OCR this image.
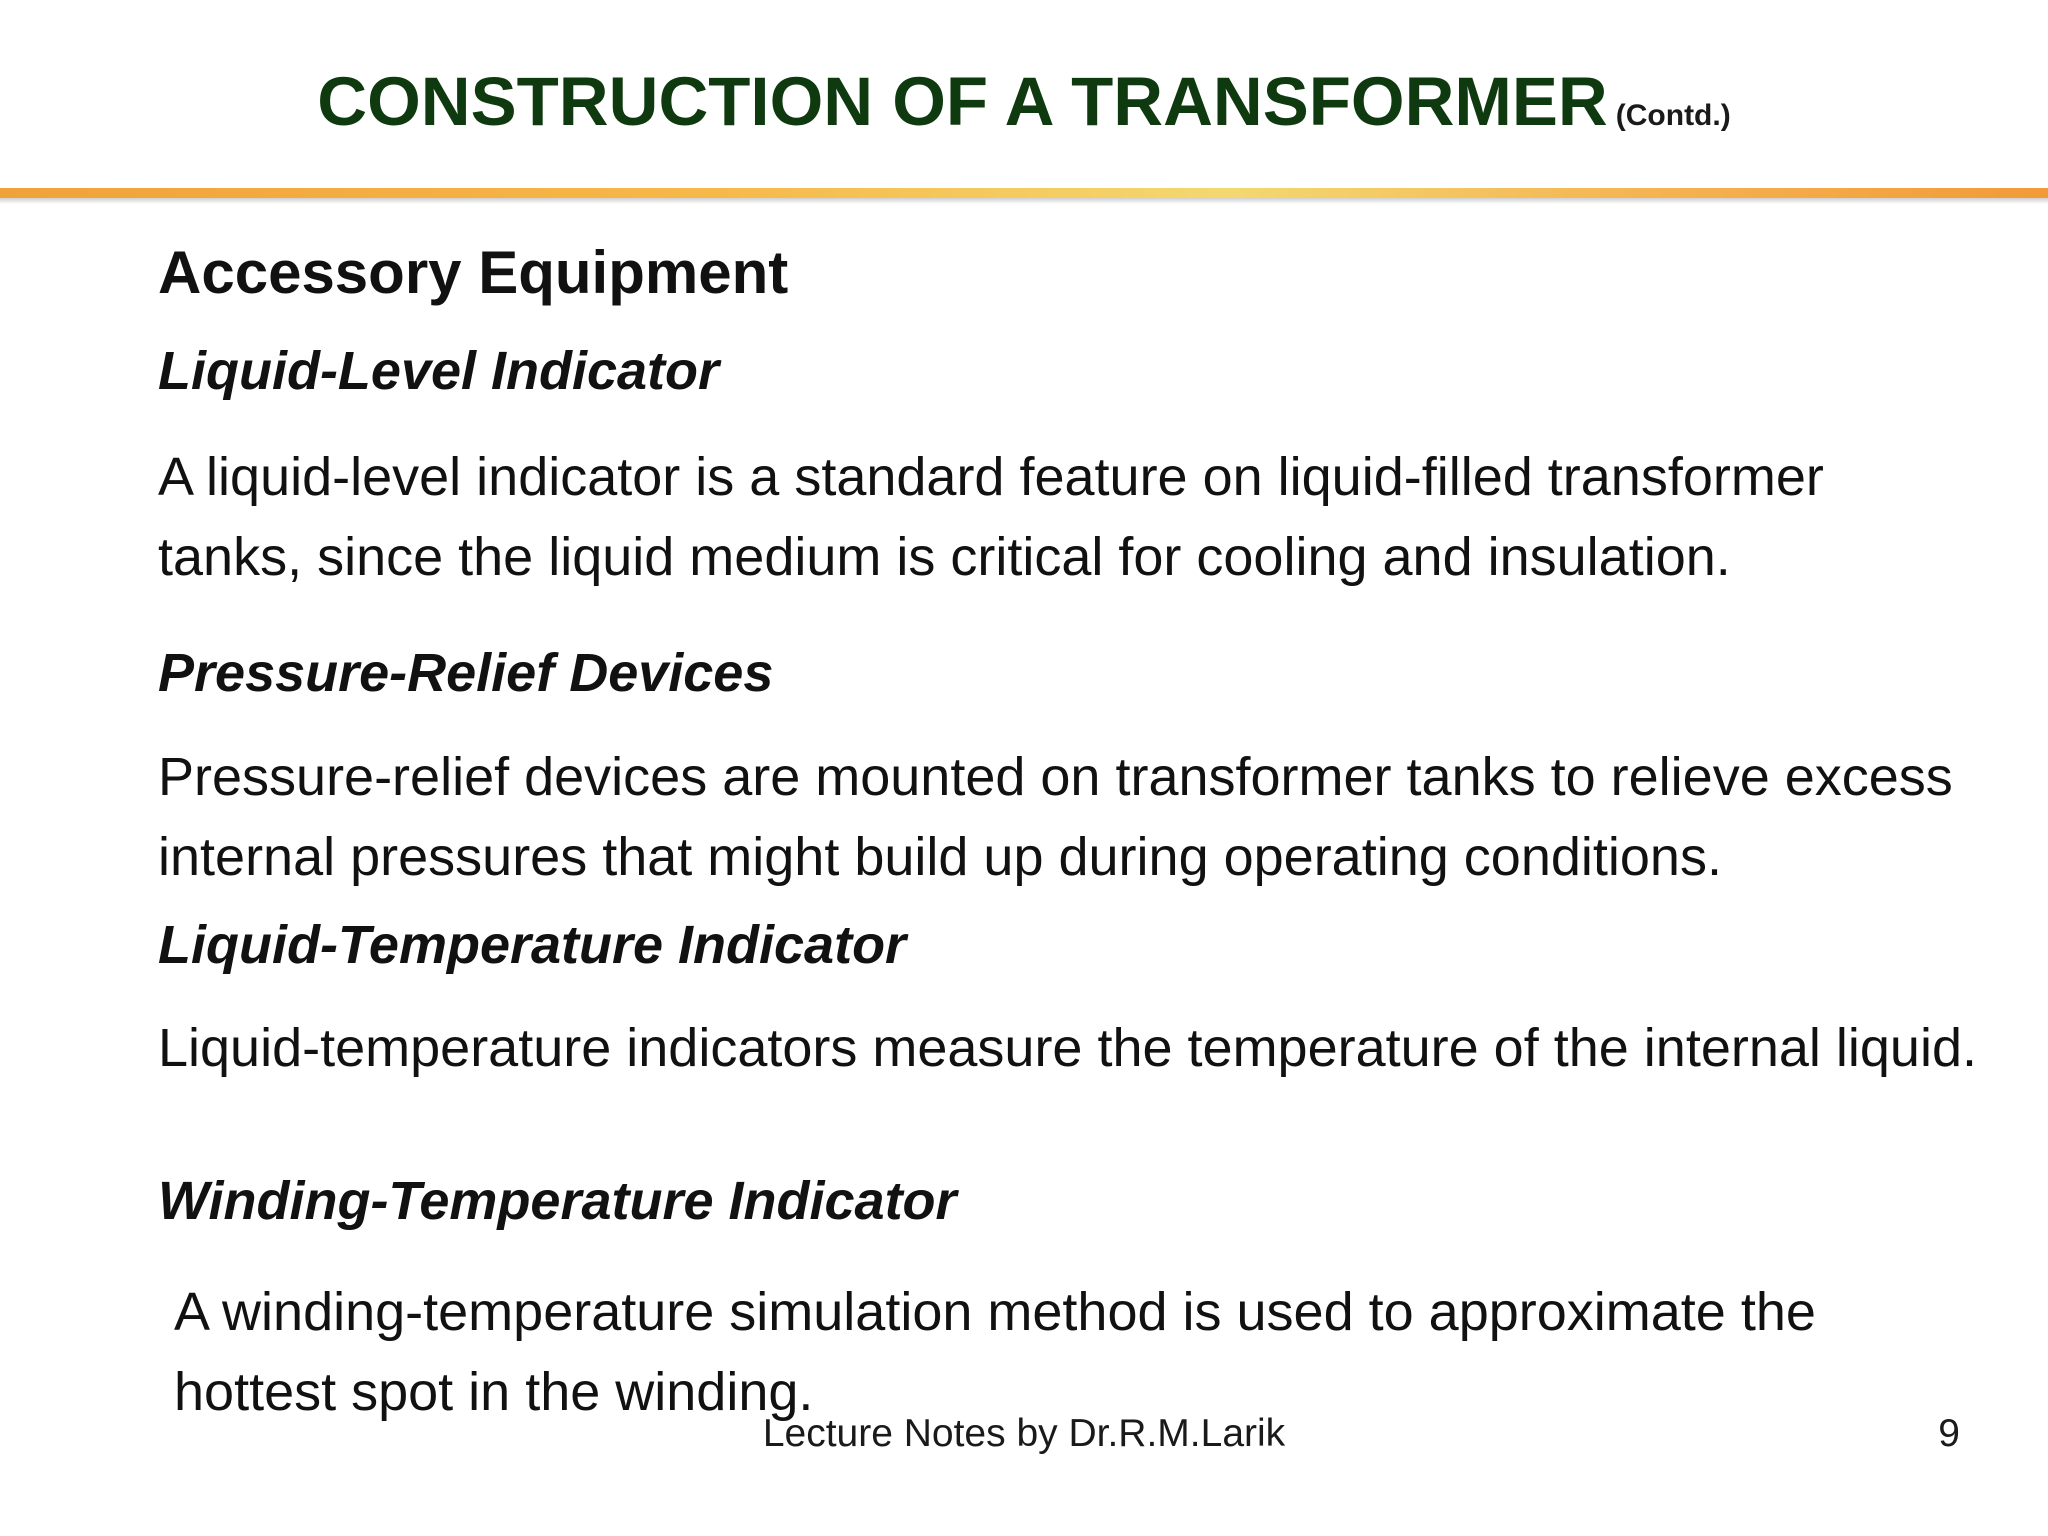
CONSTRUCTION OF A TRANSFORMER (Contd.)
Accessory Equipment
Liquid-Level Indicator
A liquid-level indicator is a standard feature on liquid-filled transformer tanks, since the liquid medium is critical for cooling and insulation.
Pressure-Relief Devices
Pressure-relief devices are mounted on transformer tanks to relieve excess internal pressures that might build up during operating conditions.
Liquid-Temperature Indicator
Liquid-temperature indicators measure the temperature of the internal liquid.
Winding-Temperature Indicator
A winding-temperature simulation method is used to approximate the hottest spot in the winding.
Lecture Notes by Dr.R.M.Larik	9
